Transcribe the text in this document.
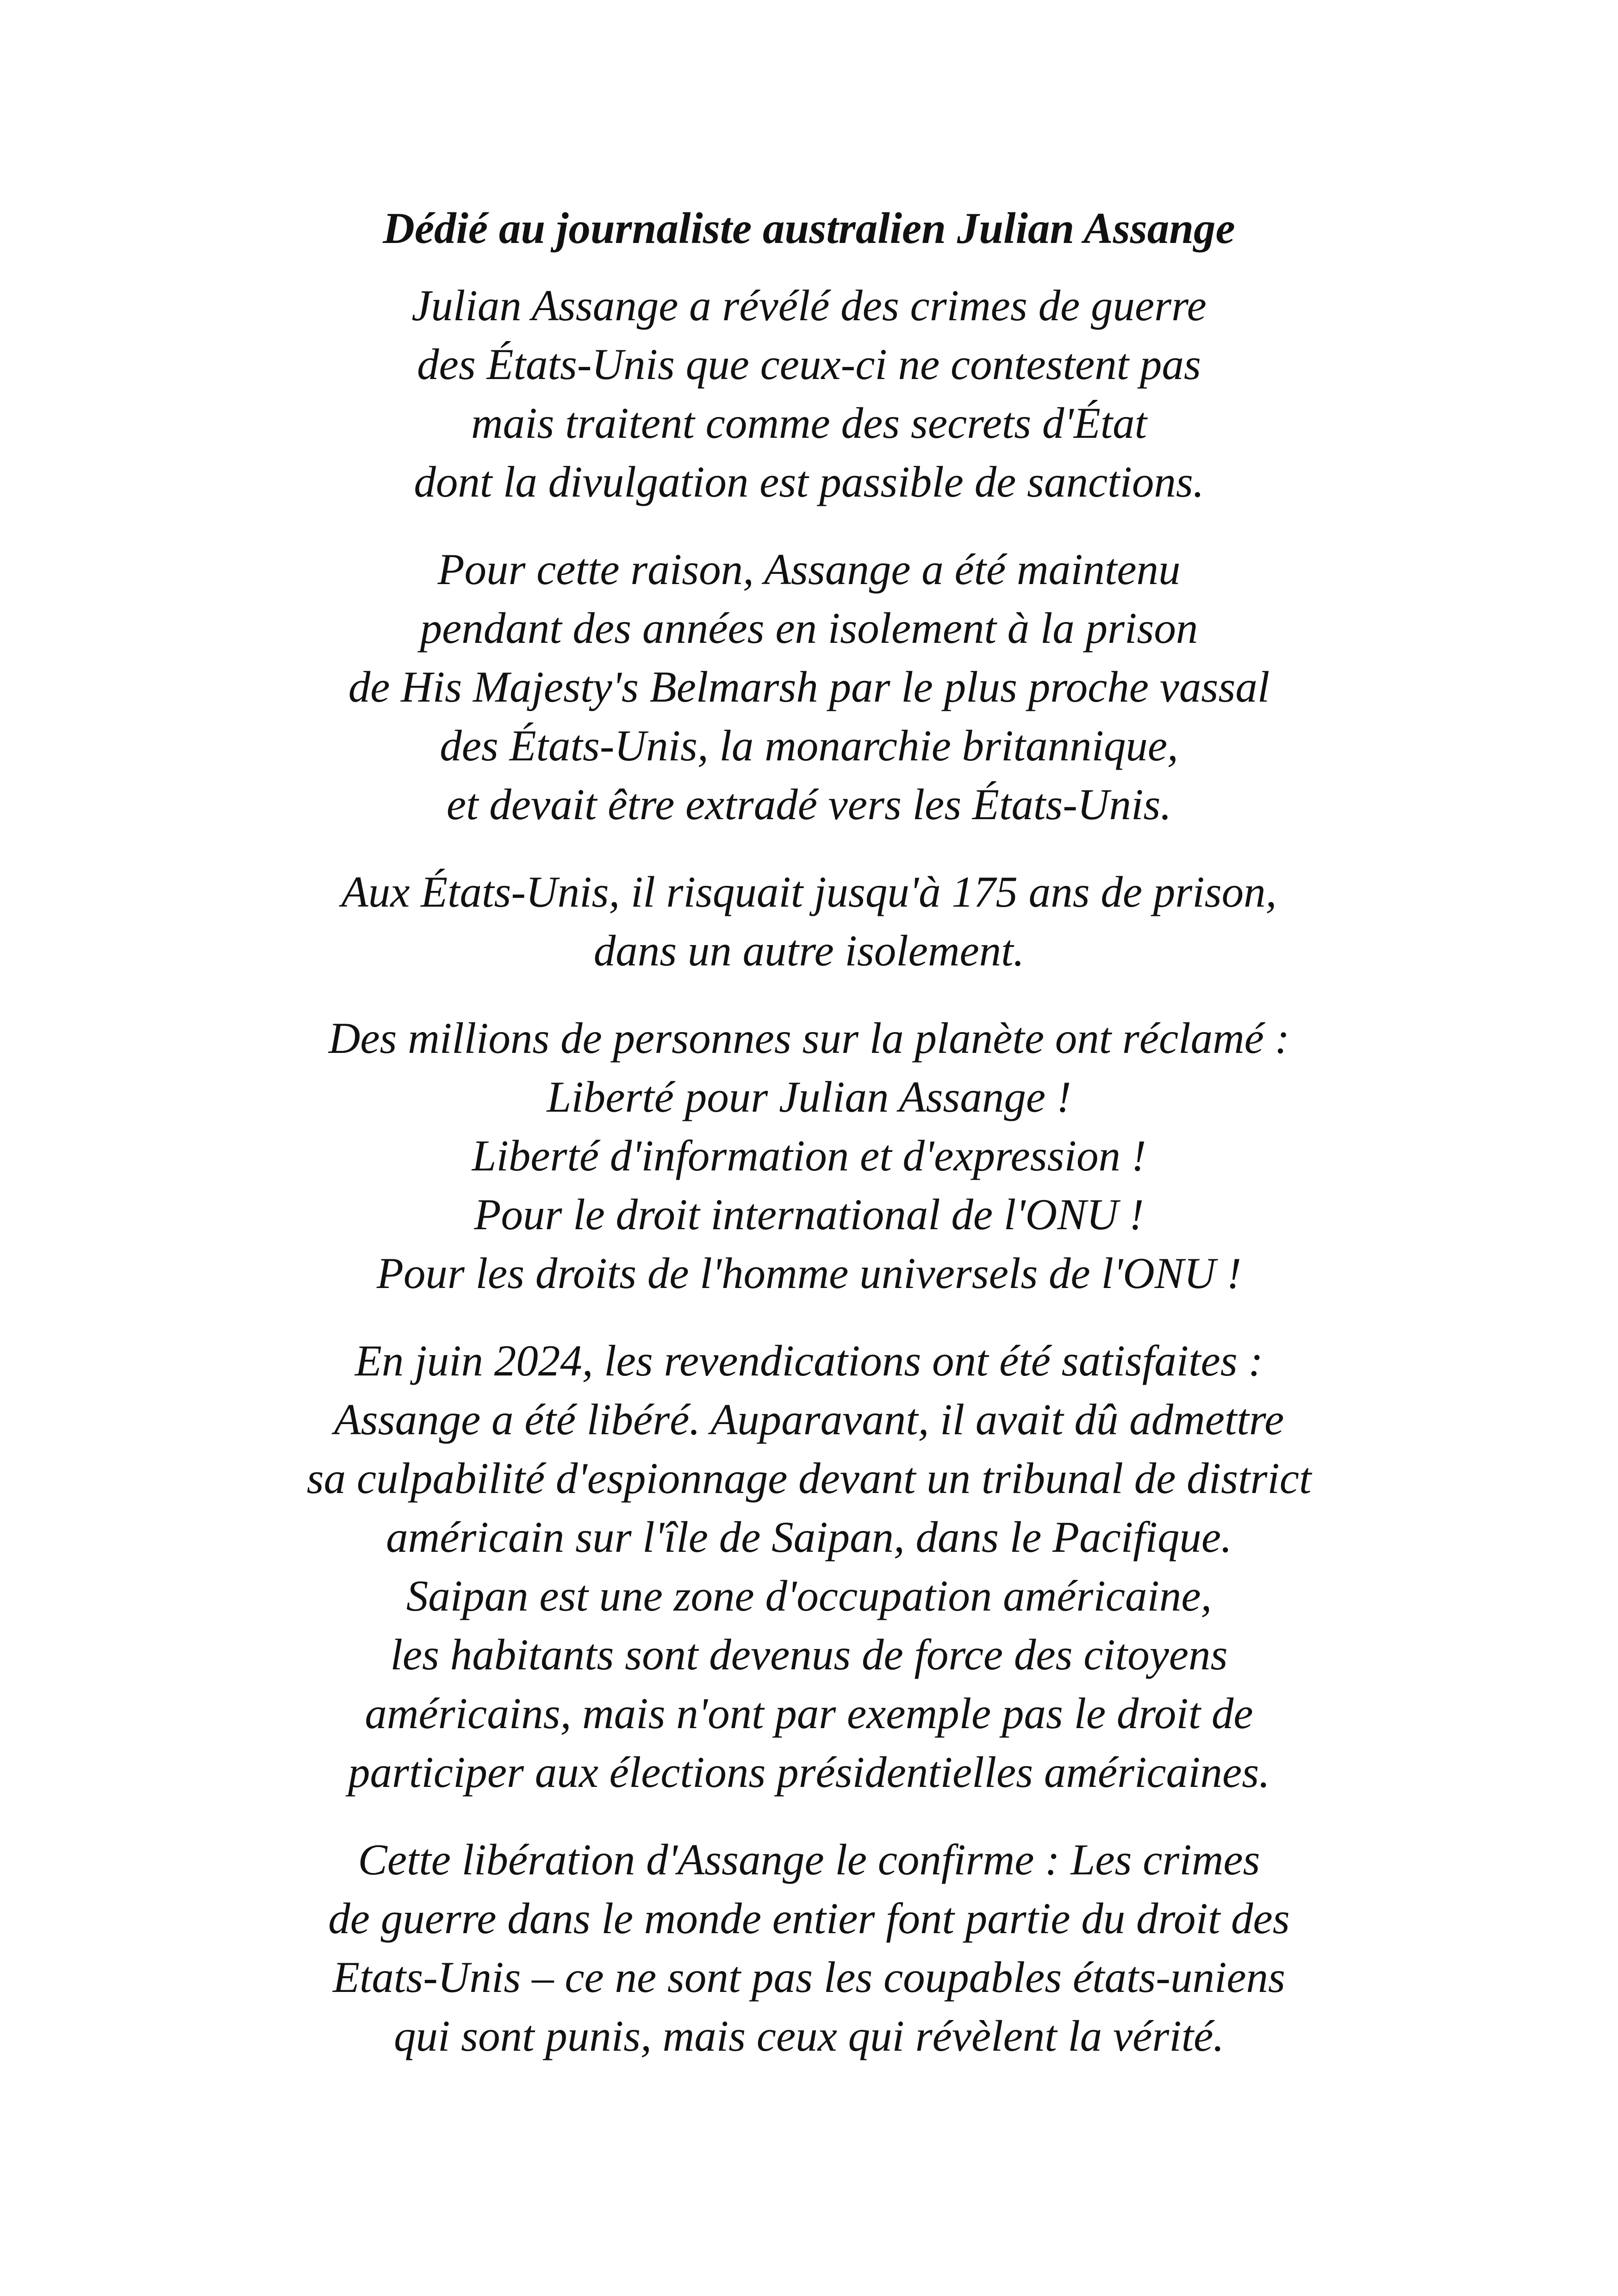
Dédié au journaliste australien Julian Assange
Julian Assange a révélé des crimes de guerre
des États-Unis que ceux-ci ne contestent pas
mais traitent comme des secrets d'État
dont la divulgation est passible de sanctions.
Pour cette raison, Assange a été maintenu
pendant des années en isolement à la prison
de His Majesty's Belmarsh par le plus proche vassal
des États-Unis, la monarchie britannique,
et devait être extradé vers les États-Unis.
Aux États-Unis, il risquait jusqu'à 175 ans de prison,
dans un autre isolement.
Des millions de personnes sur la planète ont réclamé :
Liberté pour Julian Assange !
Liberté d'information et d'expression !
Pour le droit international de l'ONU !
Pour les droits de l'homme universels de l'ONU !
En juin 2024, les revendications ont été satisfaites :
Assange a été libéré. Auparavant, il avait dû admettre
sa culpabilité d'espionnage devant un tribunal de district
américain sur l'île de Saipan, dans le Pacifique.
Saipan est une zone d'occupation américaine,
les habitants sont devenus de force des citoyens
américains, mais n'ont par exemple pas le droit de
participer aux élections présidentielles américaines.
Cette libération d'Assange le confirme : Les crimes
de guerre dans le monde entier font partie du droit des
Etats-Unis – ce ne sont pas les coupables états-uniens
qui sont punis, mais ceux qui révèlent la vérité.
